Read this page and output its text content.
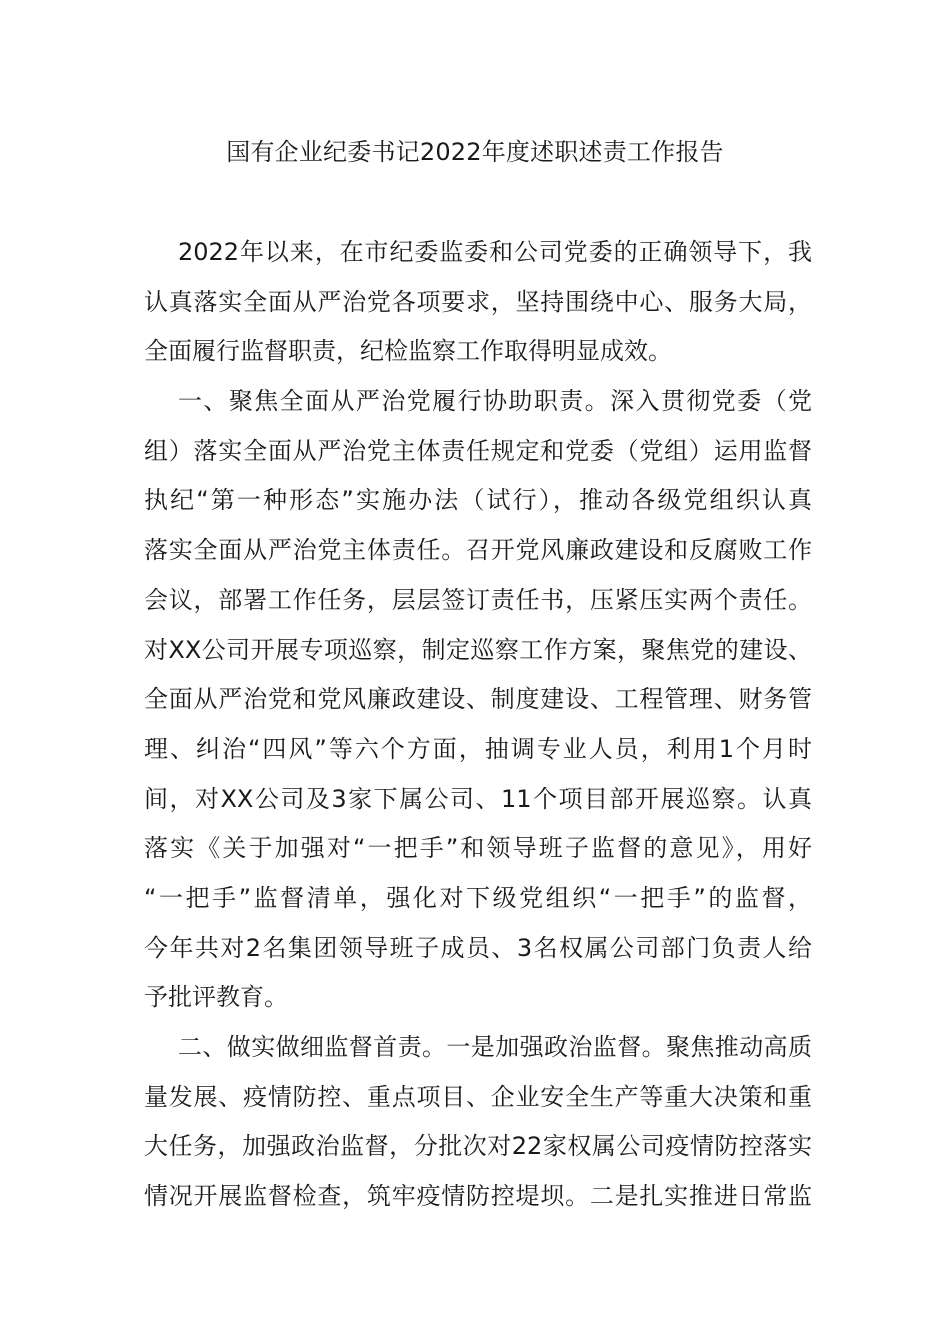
国有企业纪委书记2022年度述职述责工作报告
2022年以来，在市纪委监委和公司党委的正确领导下，我
认真落实全面从严治党各项要求，坚持围绕中心、服务大局，
全面履行监督职责，纪检监察工作取得明显成效。
一、聚焦全面从严治党履行协助职责。深入贯彻党委（党
组）落实全面从严治党主体责任规定和党委（党组）运用监督
执纪“第一种形态”实施办法（试行），推动各级党组织认真
落实全面从严治党主体责任。召开党风廉政建设和反腐败工作
会议，部署工作任务，层层签订责任书，压紧压实两个责任。
对XX公司开展专项巡察，制定巡察工作方案，聚焦党的建设、
全面从严治党和党风廉政建设、制度建设、工程管理、财务管
理、纠治“四风”等六个方面，抽调专业人员，利用1个月时
间，对XX公司及3家下属公司、11个项目部开展巡察。认真
落实《关于加强对“一把手”和领导班子监督的意见》，用好
“一把手”监督清单，强化对下级党组织“一把手”的监督，
今年共对2名集团领导班子成员、3名权属公司部门负责人给
予批评教育。
二、做实做细监督首责。一是加强政治监督。聚焦推动高质
量发展、疫情防控、重点项目、企业安全生产等重大决策和重
大任务，加强政治监督，分批次对22家权属公司疫情防控落实
情况开展监督检查，筑牢疫情防控堤坝。二是扎实推进日常监
